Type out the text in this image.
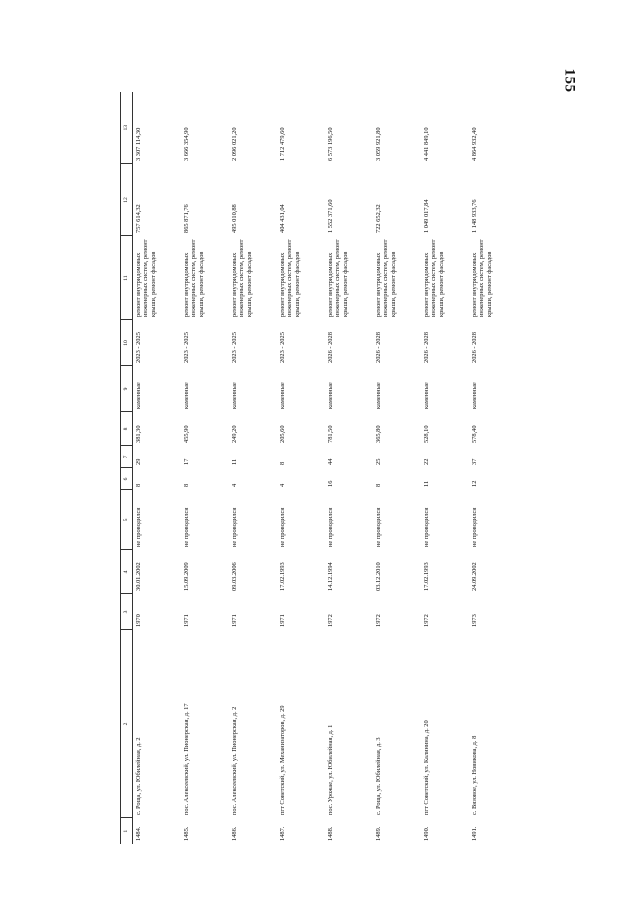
155
1	2	3	4	5	6	7	8	9	10	11	12	13

1484.	с. Роща, ул. Юбилейная, д. 2	1970	30.01.2002	не проводился	8	29	381,30	каменные	2023 - 2025	ремонт внутридомовых инженерных систем, ремонт крыши, ремонт фасадов	757 614,32	3 307 114,30

1485.	пос. Алексеевский, ул. Пионерская, д. 17	1971	15.09.2009	не проводился	8	17	455,90	каменные	2023 - 2025	ремонт внутридомовых инженерных систем, ремонт крыши, ремонт фасадов	865 871,76	3 666 354,90

1486.	пос. Алексеевский, ул. Пионерская, д. 2	1971	09.03.2006	не проводился	4	11	249,20	каменные	2023 - 2025	ремонт внутридомовых инженерных систем, ремонт крыши, ремонт фасадов	495 010,88	2 096 021,20

1487.	пгт Советский, ул. Механизаторов, д. 29	1971	17.02.1993	не проводился	4	8	205,60	каменные	2023 - 2025	ремонт внутридомовых инженерных систем, ремонт крыши, ремонт фасадов	404 431,04	1 712 479,60

1488.	пос. Урожае, ул. Юбилейная, д. 1	1972	14.12.1994	не проводился	16	44	781,50	каменные	2026 - 2028	ремонт внутридомовых инженерных систем, ремонт крыши, ремонт фасадов	1 552 371,60	6 573 196,50

1489.	с. Роща, ул. Юбилейная, д. 3	1972	03.12.2010	не проводился	8	25	365,80	каменные	2026 - 2028	ремонт внутридомовых инженерных систем, ремонт крыши, ремонт фасадов	722 652,32	3 059 921,80

1490.	пгт Советский, ул. Калинина, д. 20	1972	17.02.1993	не проводился	11	22	528,10	каменные	2026 - 2028	ремонт внутридомовых инженерных систем, ремонт крыши, ремонт фасадов	1 049 017,84	4 441 849,10

1491.	с. Вязовое, ул. Новикова, д. 8	1973	24.09.2002	не проводился	12	37	578,40	каменные	2026 - 2028	ремонт внутридомовых инженерных систем, ремонт крыши, ремонт фасадов	1 148 933,76	4 864 932,40
